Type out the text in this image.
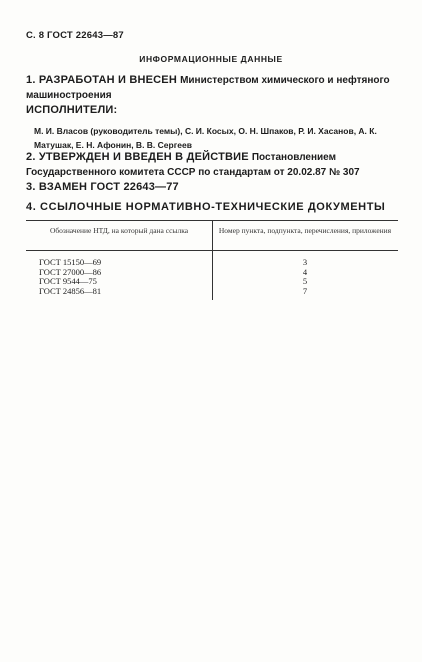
С. 8 ГОСТ 22643—87
ИНФОРМАЦИОННЫЕ ДАННЫЕ
1. РАЗРАБОТАН И ВНЕСЕН Министерством химического и нефтяного машиностроения
ИСПОЛНИТЕЛИ:
М. И. Власов (руководитель темы), С. И. Косых, О. Н. Шпаков, Р. И. Хасанов, А. К. Матушак, Е. Н. Афонин, В. В. Сергеев
2. УТВЕРЖДЕН И ВВЕДЕН В ДЕЙСТВИЕ Постановлением Государственного комитета СССР по стандартам от 20.02.87 № 307
3. ВЗАМЕН ГОСТ 22643—77
4. ССЫЛОЧНЫЕ НОРМАТИВНО-ТЕХНИЧЕСКИЕ ДОКУМЕНТЫ
Обозначение НТД, на который дана ссылка	Номер пункта, подпункта, перечисления, приложения
ГОСТ 15150—69	3
ГОСТ 27000—86	4
ГОСТ 9544—75	5
ГОСТ 24856—81	7
